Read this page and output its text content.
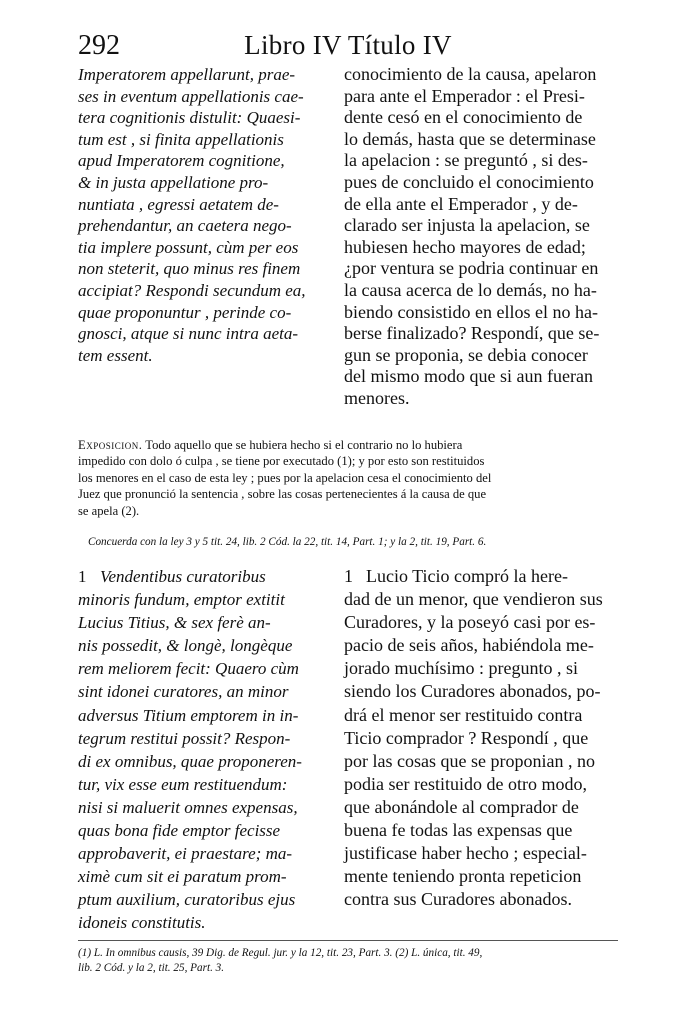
292	Libro IV Título IV
Imperatorem appellarunt, prae-
ses in eventum appellationis cae-
tera cognitionis distulit: Quaesi-
tum est , si finita appellationis
apud Imperatorem cognitione,
& in justa appellatione pro-
nuntiata , egressi aetatem de-
prehendantur, an caetera nego-
tia implere possunt, cùm per eos
non steterit, quo minus res finem
accipiat? Respondi secundum ea,
quae proponuntur , perinde co-
gnosci, atque si nunc intra aeta-
tem essent.
conocimiento de la causa, apelaron
para ante el Emperador : el Presi-
dente cesó en el conocimiento de
lo demás, hasta que se determinase
la apelacion : se preguntó , si des-
pues de concluido el conocimiento
de ella ante el Emperador , y de-
clarado ser injusta la apelacion, se
hubiesen hecho mayores de edad;
¿por ventura se podria continuar en
la causa acerca de lo demás, no ha-
biendo consistido en ellos el no ha-
berse finalizado? Respondí, que se-
gun se proponia, se debia conocer
del mismo modo que si aun fueran
menores.
Exposicion. Todo aquello que se hubiera hecho si el contrario no lo hubiera
impedido con dolo ó culpa , se tiene por executado (1); y por esto son restituidos
los menores en el caso de esta ley ; pues por la apelacion cesa el conocimiento del
Juez que pronunció la sentencia , sobre las cosas pertenecientes á la causa de que
se apela (2).
Concuerda con la ley 3 y 5 tit. 24, lib. 2 Cód. la 22, tit. 14, Part. 1; y la 2, tit. 19, Part. 6.
1 Vendentibus curatoribus
minoris fundum, emptor extitit
Lucius Titius, & sex ferè an-
nis possedit, & longè, longèque
rem meliorem fecit: Quaero cùm
sint idonei curatores, an minor
adversus Titium emptorem in in-
tegrum restitui possit? Respon-
di ex omnibus, quae proponeren-
tur, vix esse eum restituendum:
nisi si maluerit omnes expensas,
quas bona fide emptor fecisse
approbaverit, ei praestare; ma-
ximè cum sit ei paratum prom-
ptum auxilium, curatoribus ejus
idoneis constitutis.
1 Lucio Ticio compró la here-
dad de un menor, que vendieron sus
Curadores, y la poseyó casi por es-
pacio de seis años, habiéndola me-
jorado muchísimo : pregunto , si
siendo los Curadores abonados, po-
drá el menor ser restituido contra
Ticio comprador ? Respondí , que
por las cosas que se proponian , no
podia ser restituido de otro modo,
que abonándole al comprador de
buena fe todas las expensas que
justificase haber hecho ; especial-
mente teniendo pronta repeticion
contra sus Curadores abonados.
(1) L. In omnibus causis, 39 Dig. de Regul. jur. y la 12, tit. 23, Part. 3. (2) L. única, tit. 49,
lib. 2 Cód. y la 2, tit. 25, Part. 3.
